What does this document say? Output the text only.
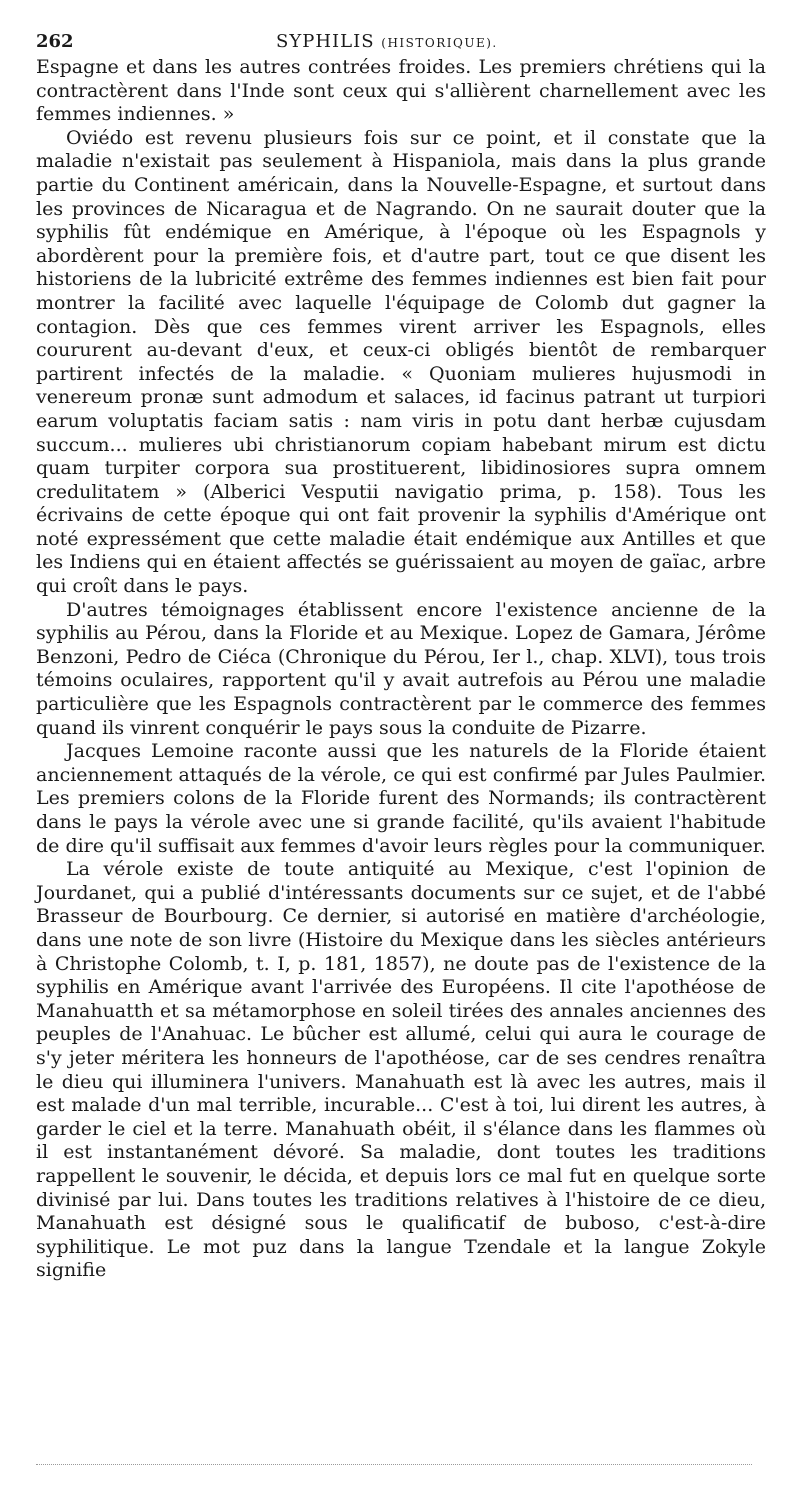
262	SYPHILIS (HISTORIQUE).

Espagne et dans les autres contrées froides. Les premiers chrétiens qui la contractèrent dans l'Inde sont ceux qui s'allièrent charnellement avec les femmes indiennes. »

Oviédo est revenu plusieurs fois sur ce point, et il constate que la maladie n'existait pas seulement à Hispaniola, mais dans la plus grande partie du Continent américain, dans la Nouvelle-Espagne, et surtout dans les provinces de Nicaragua et de Nagrando. On ne saurait douter que la syphilis fût endémique en Amérique, à l'époque où les Espagnols y abordèrent pour la première fois, et d'autre part, tout ce que disent les historiens de la lubricité extrême des femmes indiennes est bien fait pour montrer la facilité avec laquelle l'équipage de Colomb dut gagner la contagion. Dès que ces femmes virent arriver les Espagnols, elles coururent au-devant d'eux, et ceux-ci obligés bientôt de rembarquer partirent infectés de la maladie. « Quoniam mulieres hujusmodi in venereum pronæ sunt admodum et salaces, id facinus patrant ut turpiori earum voluptatis faciam satis : nam viris in potu dant herbæ cujusdam succum... mulieres ubi christianorum copiam habebant mirum est dictu quam turpiter corpora sua prostituerent, libidinosiores supra omnem credulitatem » (Alberici Vesputii navigatio prima, p. 158). Tous les écrivains de cette époque qui ont fait provenir la syphilis d'Amérique ont noté expressément que cette maladie était endémique aux Antilles et que les Indiens qui en étaient affectés se guérissaient au moyen de gaïac, arbre qui croît dans le pays.

D'autres témoignages établissent encore l'existence ancienne de la syphilis au Pérou, dans la Floride et au Mexique. Lopez de Gamara, Jérôme Benzoni, Pedro de Ciéca (Chronique du Pérou, Ier l., chap. XLVI), tous trois témoins oculaires, rapportent qu'il y avait autrefois au Pérou une maladie particulière que les Espagnols contractèrent par le commerce des femmes quand ils vinrent conquérir le pays sous la conduite de Pizarre.

Jacques Lemoine raconte aussi que les naturels de la Floride étaient anciennement attaqués de la vérole, ce qui est confirmé par Jules Paulmier. Les premiers colons de la Floride furent des Normands; ils contractèrent dans le pays la vérole avec une si grande facilité, qu'ils avaient l'habitude de dire qu'il suffisait aux femmes d'avoir leurs règles pour la communiquer.

La vérole existe de toute antiquité au Mexique, c'est l'opinion de Jourdanet, qui a publié d'intéressants documents sur ce sujet, et de l'abbé Brasseur de Bourbourg. Ce dernier, si autorisé en matière d'archéologie, dans une note de son livre (Histoire du Mexique dans les siècles antérieurs à Christophe Colomb, t. I, p. 181, 1857), ne doute pas de l'existence de la syphilis en Amérique avant l'arrivée des Européens. Il cite l'apothéose de Manahuatth et sa métamorphose en soleil tirées des annales anciennes des peuples de l'Anahuac. Le bûcher est allumé, celui qui aura le courage de s'y jeter méritera les honneurs de l'apothéose, car de ses cendres renaîtra le dieu qui illuminera l'univers. Manahuath est là avec les autres, mais il est malade d'un mal terrible, incurable... C'est à toi, lui dirent les autres, à garder le ciel et la terre. Manahuath obéit, il s'élance dans les flammes où il est instantanément dévoré. Sa maladie, dont toutes les traditions rappellent le souvenir, le décida, et depuis lors ce mal fut en quelque sorte divinisé par lui. Dans toutes les traditions relatives à l'histoire de ce dieu, Manahuath est désigné sous le qualificatif de buboso, c'est-à-dire syphilitique. Le mot puz dans la langue Tzendale et la langue Zokyle signifie
